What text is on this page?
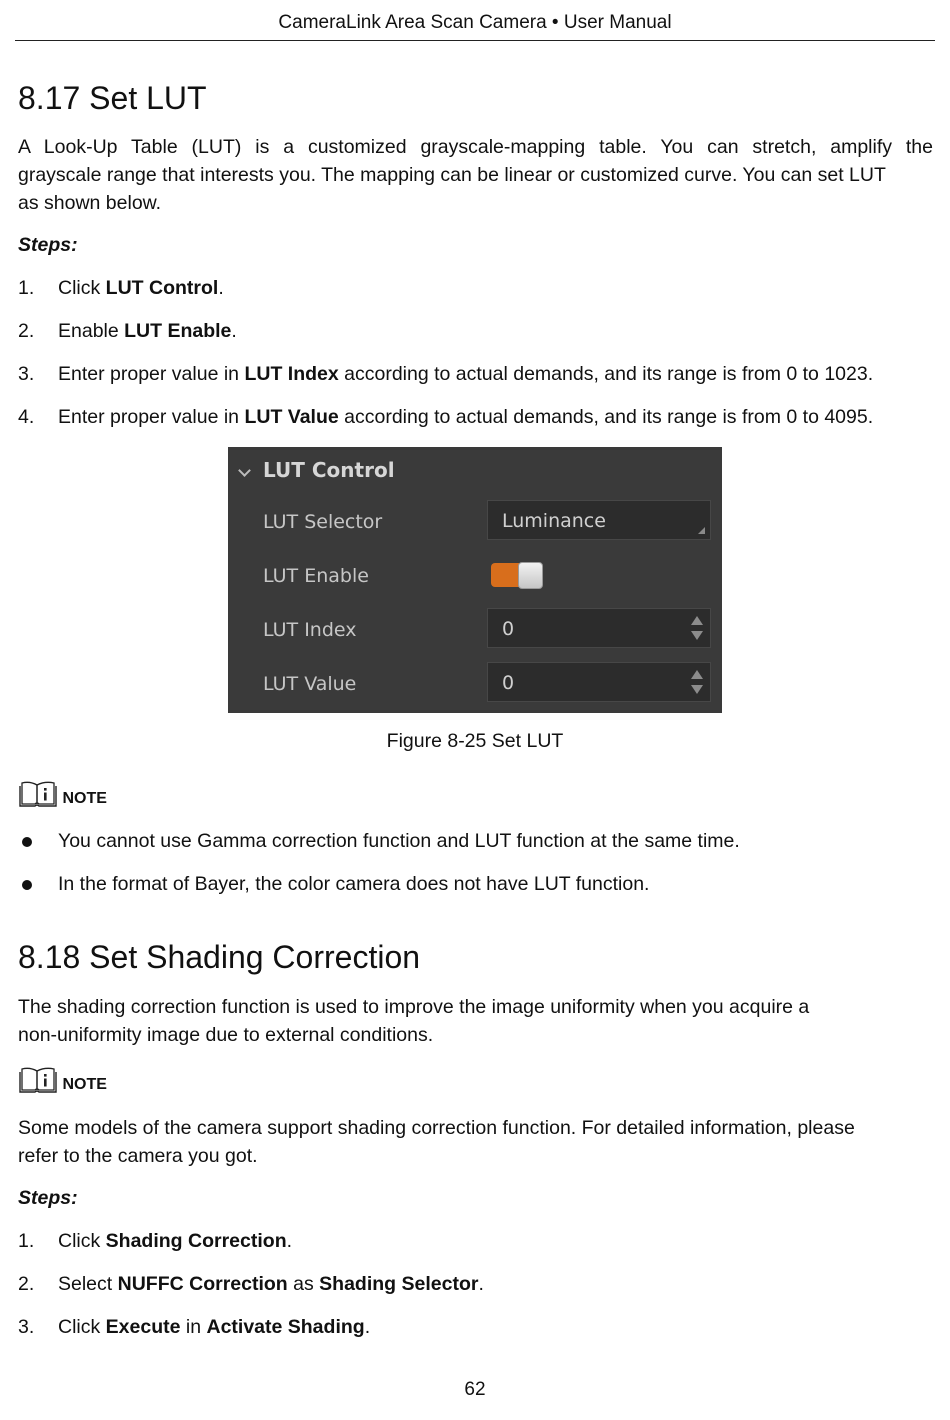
CameraLink Area Scan Camera • User Manual
8.17 Set LUT
A Look-Up Table (LUT) is a customized grayscale-mapping table. You can stretch, amplify the
grayscale range that interests you. The mapping can be linear or customized curve. You can set LUT
as shown below.
Steps:
1. Click LUT Control.
2. Enable LUT Enable.
3. Enter proper value in LUT Index according to actual demands, and its range is from 0 to 1023.
4. Enter proper value in LUT Value according to actual demands, and its range is from 0 to 4095.
LUT Control
LUT Selector	Luminance
LUT Enable
LUT Index	0
LUT Value	0
Figure 8-25 Set LUT
NOTE
You cannot use Gamma correction function and LUT function at the same time.
In the format of Bayer, the color camera does not have LUT function.
8.18 Set Shading Correction
The shading correction function is used to improve the image uniformity when you acquire a
non-uniformity image due to external conditions.
NOTE
Some models of the camera support shading correction function. For detailed information, please
refer to the camera you got.
Steps:
1. Click Shading Correction.
2. Select NUFFC Correction as Shading Selector.
3. Click Execute in Activate Shading.
62
